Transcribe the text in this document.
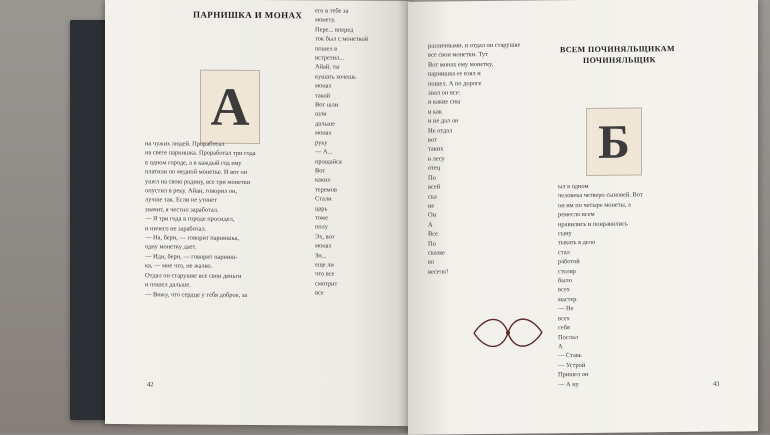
ПАРНИШКА И МОНАХ
А
на чужих людей. Проработал
на свете парнишка. Проработал три года
в одном городе, а в каждый год ему
платили по медной монетке. И вот он
ушел на свою родину, все три монетки
опустил в реку. Айаи, говорил он,
лучше так. Если не утонет
значит, я честно заработал.
— Я три года в городе просидел,
и ничего не заработал.
— Нa, бери, — говорит парнишка,
одну монетку дает.
— Иди, бери, — говорит парниш-
ка, — мне что, не жалко.
Отдал он старушке все свои деньги
и пошел дальше.
— Вижу, что сердце у тебя доброе, за
его в тебе за
монету.
Пере... вперед
ток был с монеткой
пошел в
встретил...
Айай, ты
кушать хочешь
монах
такой
Вот шли
шли
дальше
монах
руку
— А...
прощайся
Вот
каких
теремов
Стали
царь
тоже
полу
Эх, вот
монах
Зн...
еще ли
что все
смотрит
все
42
различными, и отдал он старушке
все свои монетки. Тут
Вот монах ему монетку,
парнишка ее взял и
пошел. А по дороге
знал он все:
и какие сны
и как
и не дал он
Не отдал
вот
таких
в лесу
отец
По
всей
ска
не
Он
А
Все
По
сказке
ко
весело!
ВСЕМ ПОЧИНЯЛЬЩИКАМ
ПОЧИНЯЛЬЩИК
Б
ыл в одном
человека четверо сыновей. Вот
он им по четыре монеты, а
ремесло всем
нравились и понравились
сыну
тыкать в дело
стал
работой
столяр
было
всех
мастер
— Не
всех
себя
Послал
А
— Ставь
— Устрой
Пришел он
— А ну	43
